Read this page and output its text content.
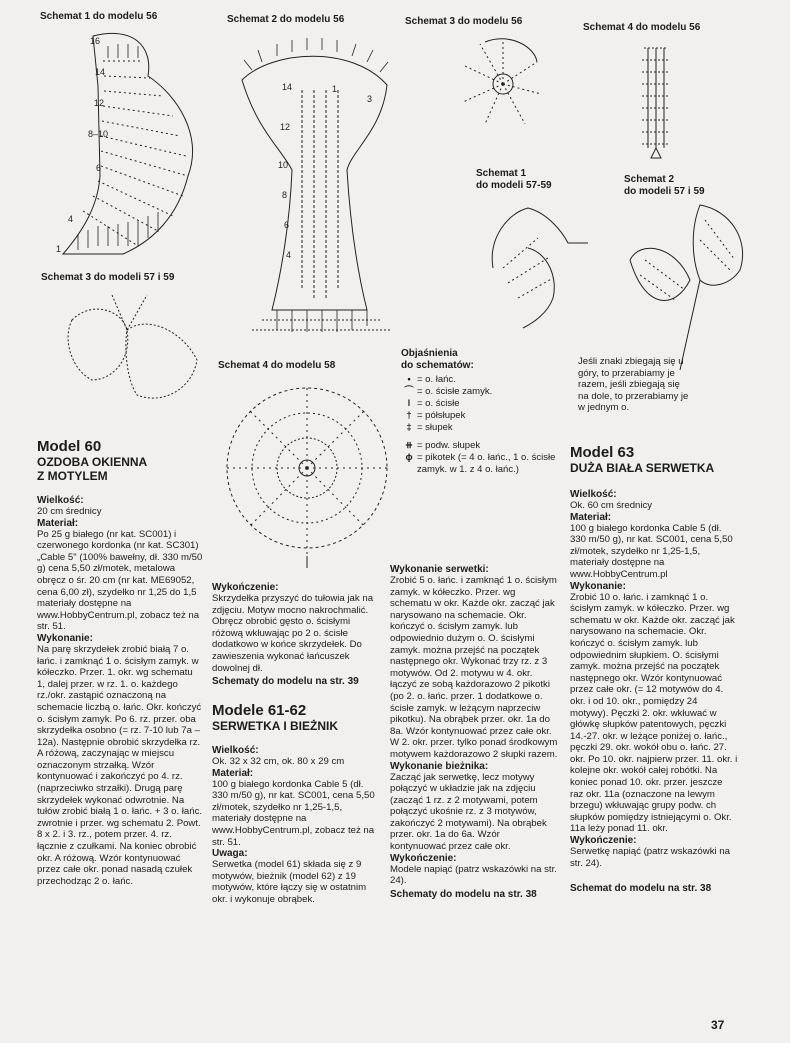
Schemat 1 do modelu 56	Schemat 2 do modelu 56	Schemat 3 do modelu 56
Schemat 4 do modelu 56
Schemat 3 do modeli 57 i 59
Schemat 1
do modeli 57-59
Schemat 2
do modeli 57 i 59
Schemat 4 do modelu 58
16
14
12
8–10
6
4
1
14
12
10
8
6
4
3
1
Objaśnienia
do schematów:
• = o. łańc.
⌒ = o. ścisłe zamyk.
ǀ = o. ścisłe
† = półsłupek
‡ = słupek
⧺ = podw. słupek
ϕ = pikotek (= 4 o. łańc., 1 o. ścisłe zamyk. w 1. z 4 o. łańc.)
Jeśli znaki zbiegają się u góry, to przerabiamy je razem, jeśli zbiegają się na dole, to przerabiamy je w jednym o.
Model 60
OZDOBA OKIENNA
Z MOTYLEM
Wielkość:

20 cm średnicy

Materiał:

Po 25 g białego (nr kat. SC001) i czerwonego kordonka (nr kat. SC301) „Cable 5" (100% bawełny, dł. 330 m/50 g) cena 5,50 zł/motek, metalowa obręcz o śr. 20 cm (nr kat. ME69052, cena 6,00 zł), szydełko nr 1,25 do 1,5 materiały dostępne na www.HobbyCentrum.pl, zobacz też na str. 51.

Wykonanie:

Na parę skrzydełek zrobić białą 7 o. łańc. i zamknąć 1 o. ścisłym zamyk. w kółeczko. Przer. 1. okr. wg schematu 1, dalej przer. w rz. 1. o. każdego rz./okr. zastąpić oznaczoną na schemacie liczbą o. łańc. Okr. kończyć o. ścisłym zamyk. Po 6. rz. przer. oba skrzydełka osobno (= rz. 7-10 lub 7a – 12a). Następnie obrobić skrzydełka rz. A różową, zaczynając w miejscu oznaczonym strzałką. Wzór kontynuować i zakończyć po 4. rz. (naprzeciwko strzałki). Drugą parę skrzydełek wykonać odwrotnie. Na tułów zrobić białą 1 o. łańc. + 3 o. łańc. zwrotnie i przer. wg schematu 2. Powt. 8 x 2. i 3. rz., potem przer. 4. rz. łącznie z czułkami. Na koniec obrobić okr. A różową. Wzór kontynuować przez całe okr. ponad nasadą czułek przechodząc 2 o. łańc.

Wykończenie:

Skrzydełka przyszyć do tułowia jak na zdjęciu. Motyw mocno nakrochmalić. Obręcz obrobić gęsto o. ścisłymi różową wkłuwając po 2 o. ścisłe dodatkowo w końce skrzydełek. Do zawieszenia wykonać łańcuszek dowolnej dł.

Schematy do modelu na str. 39
Modele 61-62
SERWETKA I BIEŻNIK
Wielkość:

Ok. 32 x 32 cm, ok. 80 x 29 cm

Materiał:

100 g białego kordonka Cable 5 (dł. 330 m/50 g), nr kat. SC001, cena 5,50 zł/motek, szydełko nr 1,25-1,5, materiały dostępne na www.HobbyCentrum.pl, zobacz też na str. 51.

Uwaga:

Serwetka (model 61) składa się z 9 motywów, bieżnik (model 62) z 19 motywów, które łączy się w ostatnim okr. i wykonuje obrąbek.

Wykonanie serwetki:

Zrobić 5 o. łańc. i zamknąć 1 o. ścisłym zamyk. w kółeczko. Przer. wg schematu w okr. Każde okr. zacząć jak narysowano na schemacie. Okr. kończyć o. ścisłym zamyk. lub odpowiednio dużym o. O. ścisłymi zamyk. można przejść na początek następnego okr. Wykonać trzy rz. z 3 motywów. Od 2. motywu w 4. okr. łączyć ze sobą każdorazowo 2 pikotki (po 2. o. łańc. przer. 1 dodatkowe o. ścisłe zamyk. w leżącym naprzeciw pikotku). Na obrąbek przer. okr. 1a do 8a. Wzór kontynuować przez całe okr. W 2. okr. przer. tylko ponad środkowym motywem każdorazowo 2 słupki razem.

Wykonanie bieżnika:

Zacząć jak serwetkę, lecz motywy połączyć w układzie jak na zdjęciu (zacząć 1 rz. z 2 motywami, potem połączyć ukośnie rz. z 3 motywów, zakończyć 2 motywami). Na obrąbek przer. okr. 1a do 6a. Wzór kontynuować przez całe okr.

Wykończenie:

Modele napiąć (patrz wskazówki na str. 24).

Schematy do modelu na str. 38
Model 63
DUŻA BIAŁA SERWETKA
Wielkość:

Ok. 60 cm średnicy

Materiał:

100 g białego kordonka Cable 5 (dł. 330 m/50 g), nr kat. SC001, cena 5,50 zł/motek, szydełko nr 1,25-1,5, materiały dostępne na www.HobbyCentrum.pl

Wykonanie:

Zrobić 10 o. łańc. i zamknąć 1 o. ścisłym zamyk. w kółeczko. Przer. wg schematu w okr. Każde okr. zacząć jak narysowano na schemacie. Okr. kończyć o. ścisłym zamyk. lub odpowiednim słupkiem. O. ścisłymi zamyk. można przejść na początek następnego okr. Wzór kontynuować przez całe okr. (= 12 motywów do 4. okr. i od 10. okr., pomiędzy 24 motywy). Pęczki 2. okr. wkłuwać w główkę słupków patentowych, pęczki 14.-27. okr. w leżące poniżej o. łańc., pęczki 29. okr. wokół obu o. łańc. 27. okr. Po 10. okr. najpierw przer. 11. okr. i kolejne okr. wokół całej robótki. Na koniec ponad 10. okr. przer. jeszcze raz okr. 11a (oznaczone na lewym brzegu) wkłuwając grupy podw. ch słupków pomiędzy istniejącymi o. Okr. 11a leży ponad 11. okr.

Wykończenie:

Serwetkę napiąć (patrz wskazówki na str. 24).

Schemat do modelu na str. 38
37
